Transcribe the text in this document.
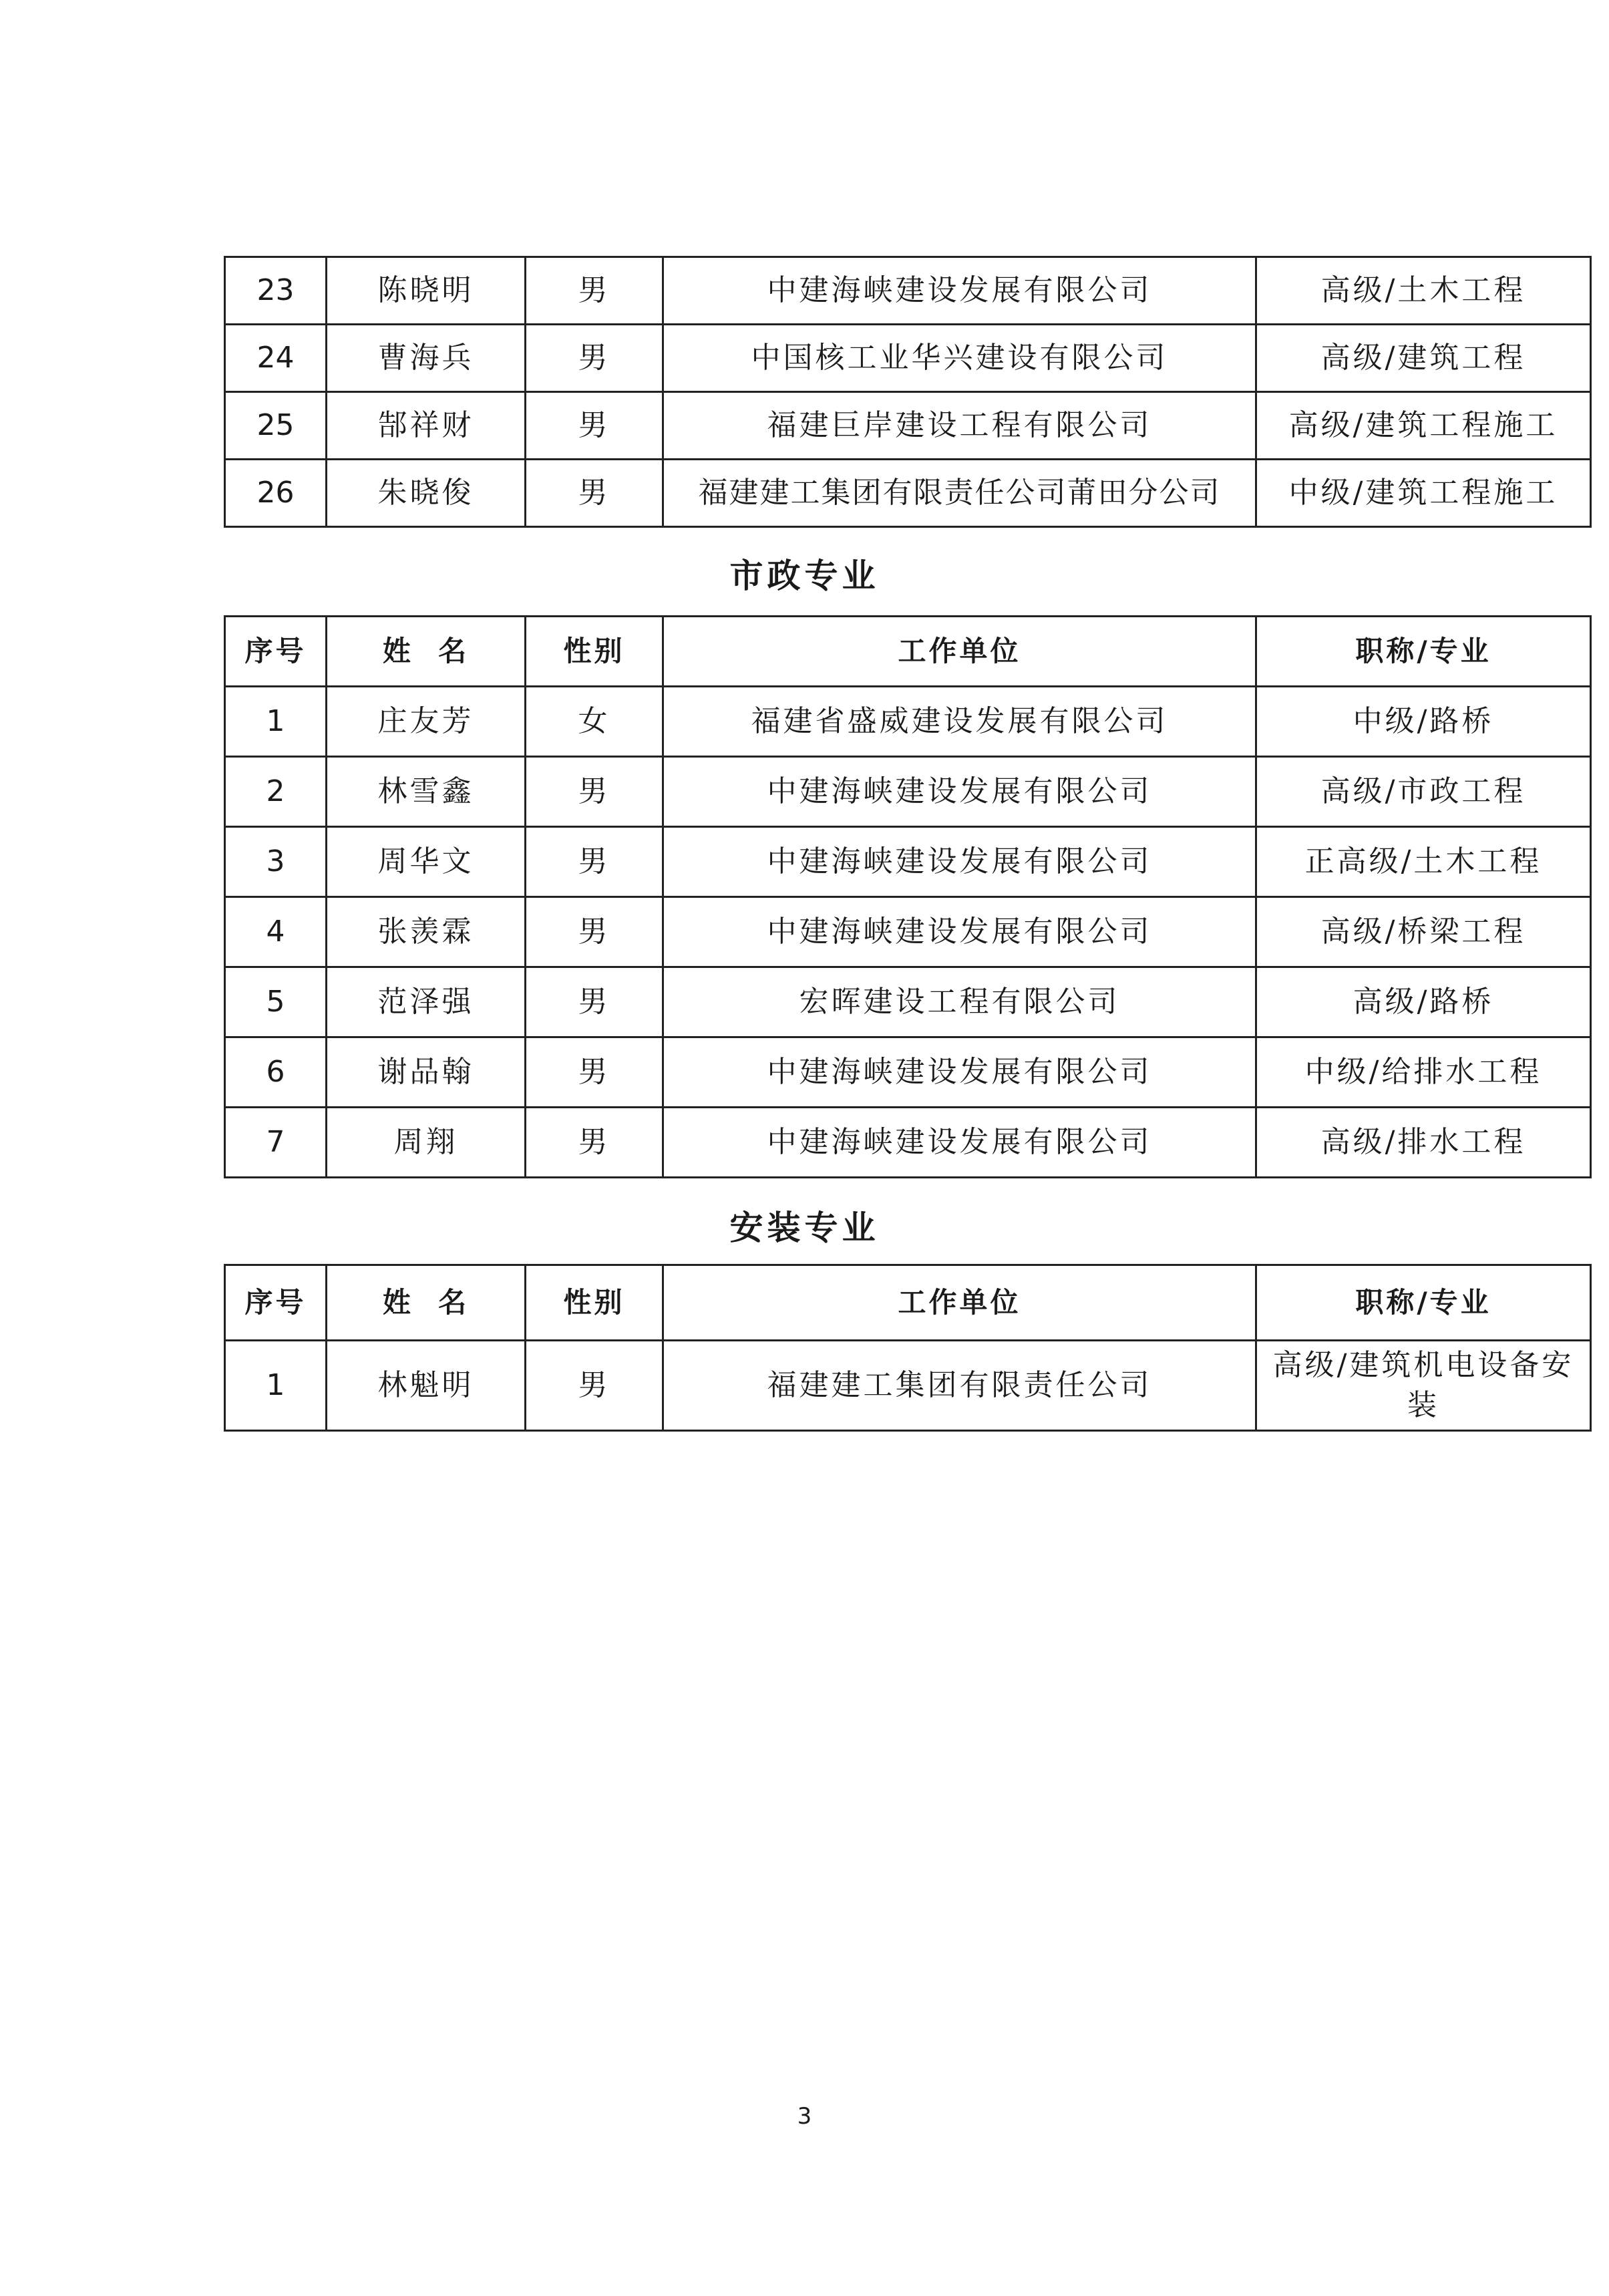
23	陈晓明	男	中建海峡建设发展有限公司	高级/土木工程
24	曹海兵	男	中国核工业华兴建设有限公司	高级/建筑工程
25	郜祥财	男	福建巨岸建设工程有限公司	高级/建筑工程施工
26	朱晓俊	男	福建建工集团有限责任公司莆田分公司	中级/建筑工程施工
市政专业
序号	姓  名	性别	工作单位	职称/专业
1	庄友芳	女	福建省盛威建设发展有限公司	中级/路桥
2	林雪鑫	男	中建海峡建设发展有限公司	高级/市政工程
3	周华文	男	中建海峡建设发展有限公司	正高级/土木工程
4	张羡霖	男	中建海峡建设发展有限公司	高级/桥梁工程
5	范泽强	男	宏晖建设工程有限公司	高级/路桥
6	谢品翰	男	中建海峡建设发展有限公司	中级/给排水工程
7	周翔	男	中建海峡建设发展有限公司	高级/排水工程
安装专业
序号	姓  名	性别	工作单位	职称/专业
1	林魁明	男	福建建工集团有限责任公司	高级/建筑机电设备安装
3
